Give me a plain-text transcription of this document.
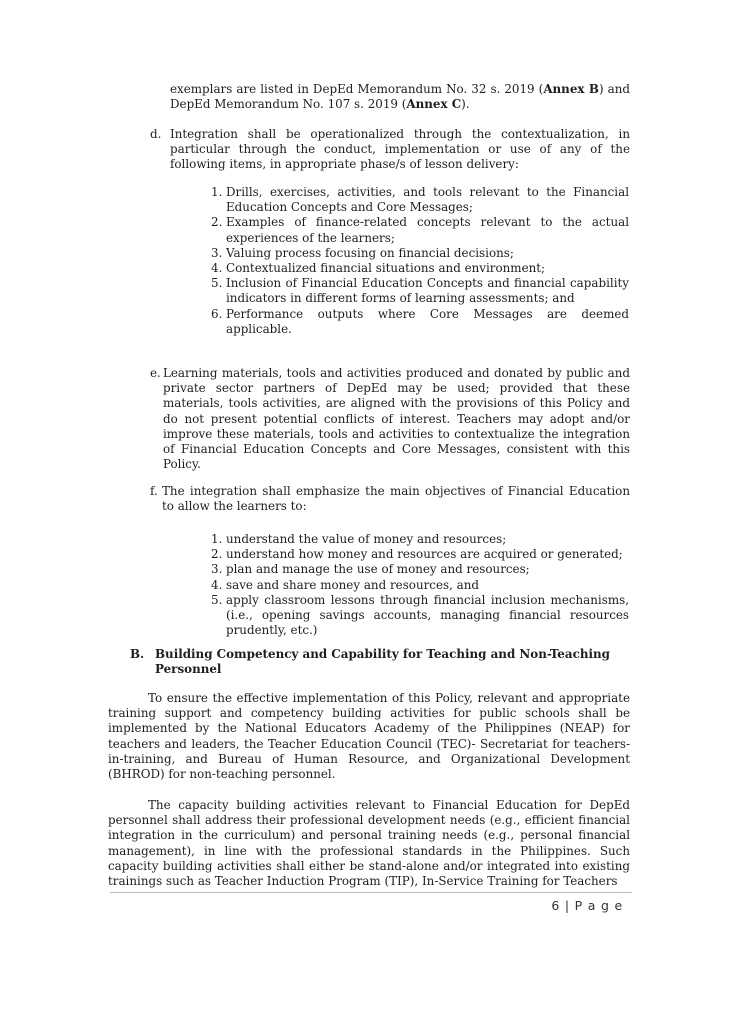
exemplars are listed in DepEd Memorandum No. 32 s. 2019 (Annex B) and DepEd Memorandum No. 107 s. 2019 (Annex C).
d. Integration shall be operationalized through the contextualization, in particular through the conduct, implementation or use of any of the following items, in appropriate phase/s of lesson delivery:
1. Drills, exercises, activities, and tools relevant to the Financial Education Concepts and Core Messages;
2. Examples of finance-related concepts relevant to the actual experiences of the learners;
3. Valuing process focusing on financial decisions;
4. Contextualized financial situations and environment;
5. Inclusion of Financial Education Concepts and financial capability indicators in different forms of learning assessments; and
6. Performance outputs where Core Messages are deemed applicable.
e. Learning materials, tools and activities produced and donated by public and private sector partners of DepEd may be used; provided that these materials, tools activities, are aligned with the provisions of this Policy and do not present potential conflicts of interest. Teachers may adopt and/or improve these materials, tools and activities to contextualize the integration of Financial Education Concepts and Core Messages, consistent with this Policy.
f. The integration shall emphasize the main objectives of Financial Education to allow the learners to:
1. understand the value of money and resources;
2. understand how money and resources are acquired or generated;
3. plan and manage the use of money and resources;
4. save and share money and resources, and
5. apply classroom lessons through financial inclusion mechanisms, (i.e., opening savings accounts, managing financial resources prudently, etc.)
B. Building Competency and Capability for Teaching and Non-Teaching Personnel
To ensure the effective implementation of this Policy, relevant and appropriate training support and competency building activities for public schools shall be implemented by the National Educators Academy of the Philippines (NEAP) for teachers and leaders, the Teacher Education Council (TEC)- Secretariat for teachers-in-training, and Bureau of Human Resource, and Organizational Development (BHROD) for non-teaching personnel.
The capacity building activities relevant to Financial Education for DepEd personnel shall address their professional development needs (e.g., efficient financial integration in the curriculum) and personal training needs (e.g., personal financial management), in line with the professional standards in the Philippines. Such capacity building activities shall either be stand-alone and/or integrated into existing trainings such as Teacher Induction Program (TIP), In-Service Training for Teachers
6 | P a g e
